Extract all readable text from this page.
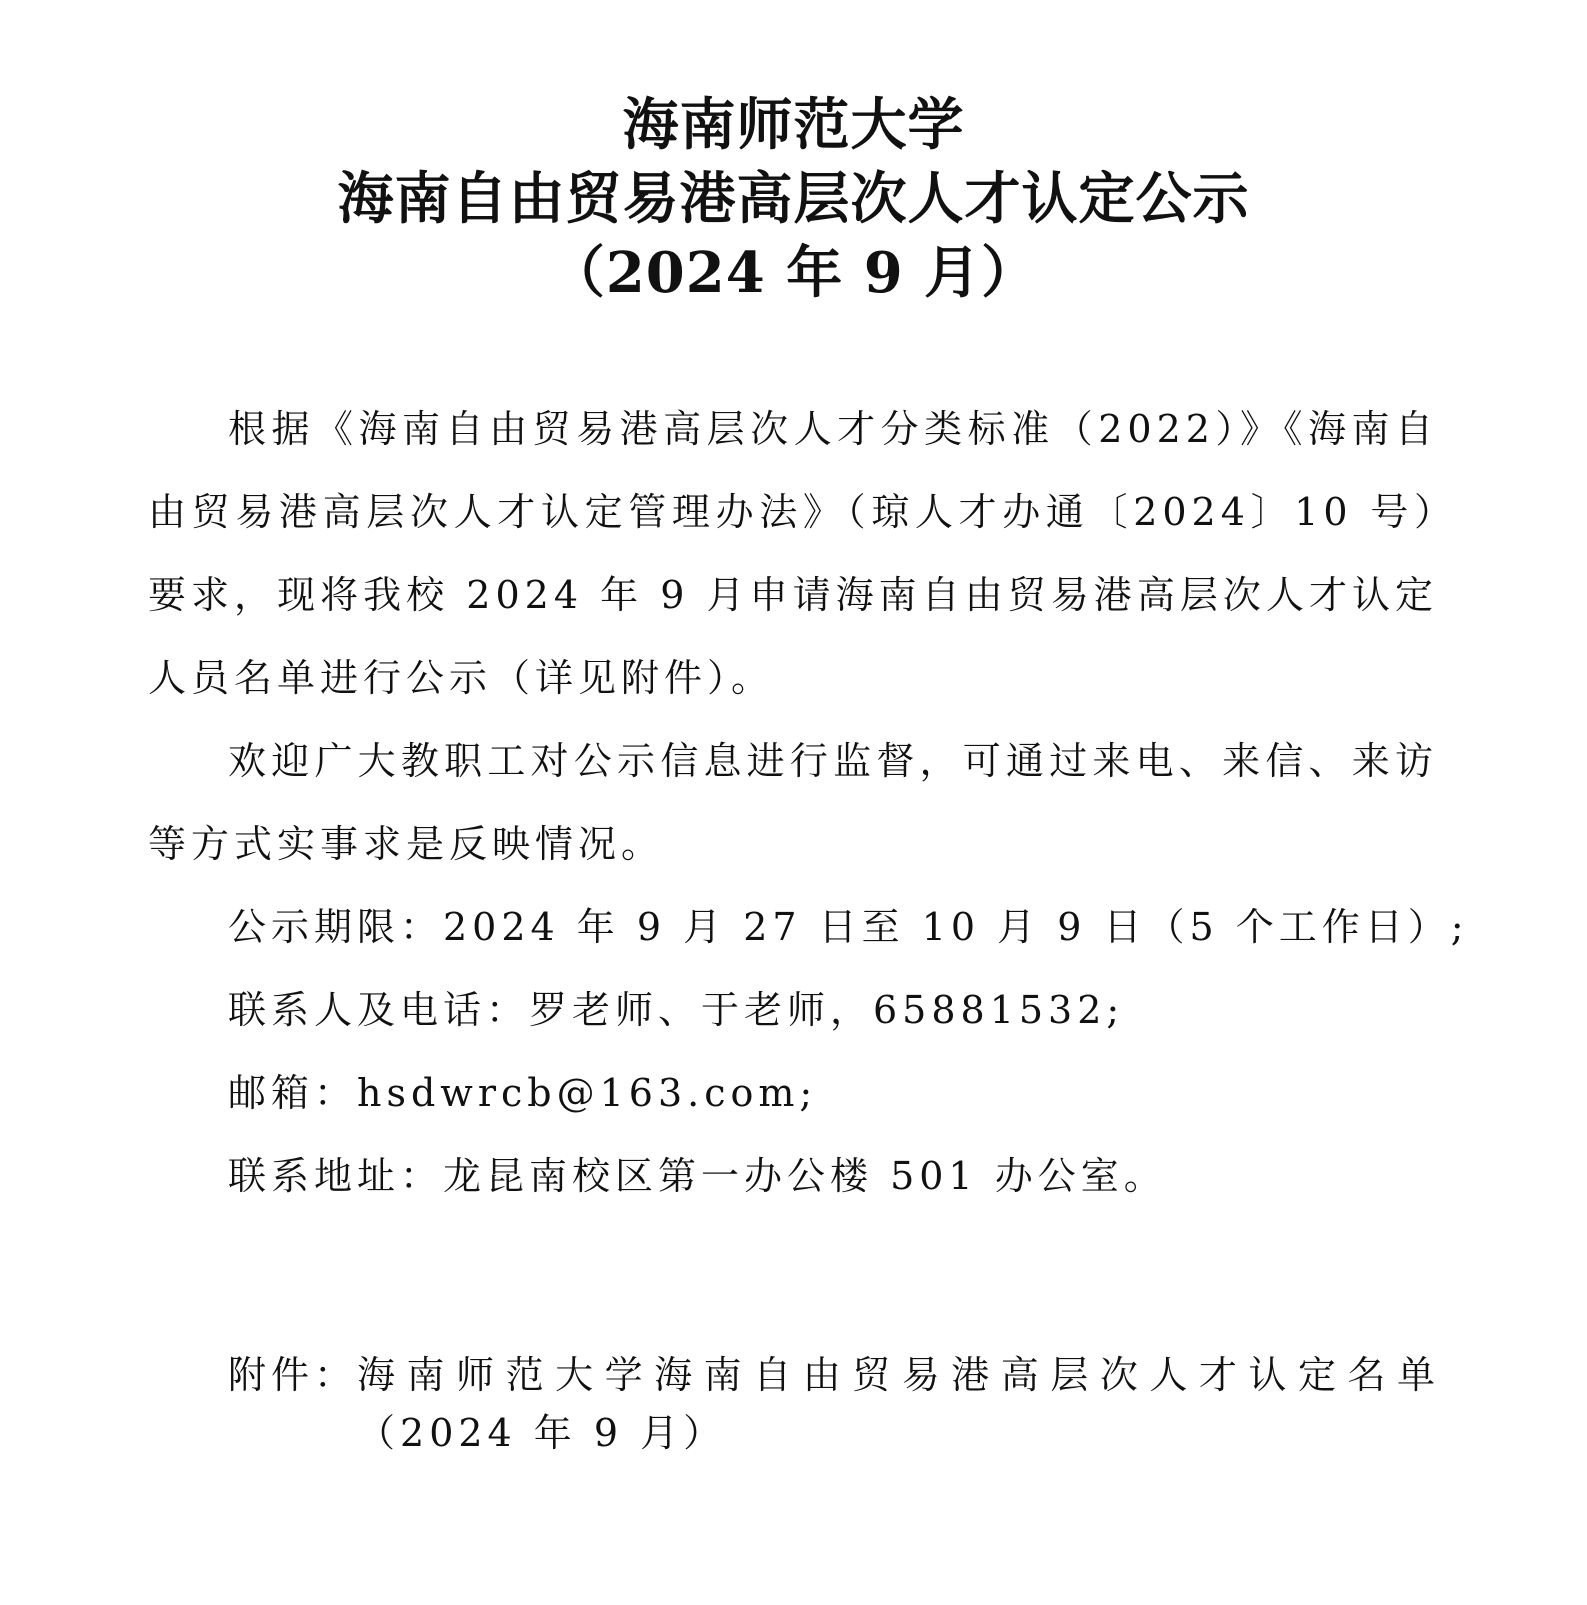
海南师范大学
海南自由贸易港高层次人才认定公示
（2024 年 9 月）

根据《海南自由贸易港高层次人才分类标准（2022）》《海南自由贸易港高层次人才认定管理办法》（琼人才办通〔2024〕10 号）要求，现将我校 2024 年 9 月申请海南自由贸易港高层次人才认定人员名单进行公示（详见附件）。

欢迎广大教职工对公示信息进行监督，可通过来电、来信、来访等方式实事求是反映情况。

公示期限：2024 年 9 月 27 日至 10 月 9 日（5 个工作日）;

联系人及电话：罗老师、于老师，65881532;

邮箱：hsdwrcb@163.com;

联系地址：龙昆南校区第一办公楼 501 办公室。

附件： 海南师范大学海南自由贸易港高层次人才认定名单（2024 年 9 月）
